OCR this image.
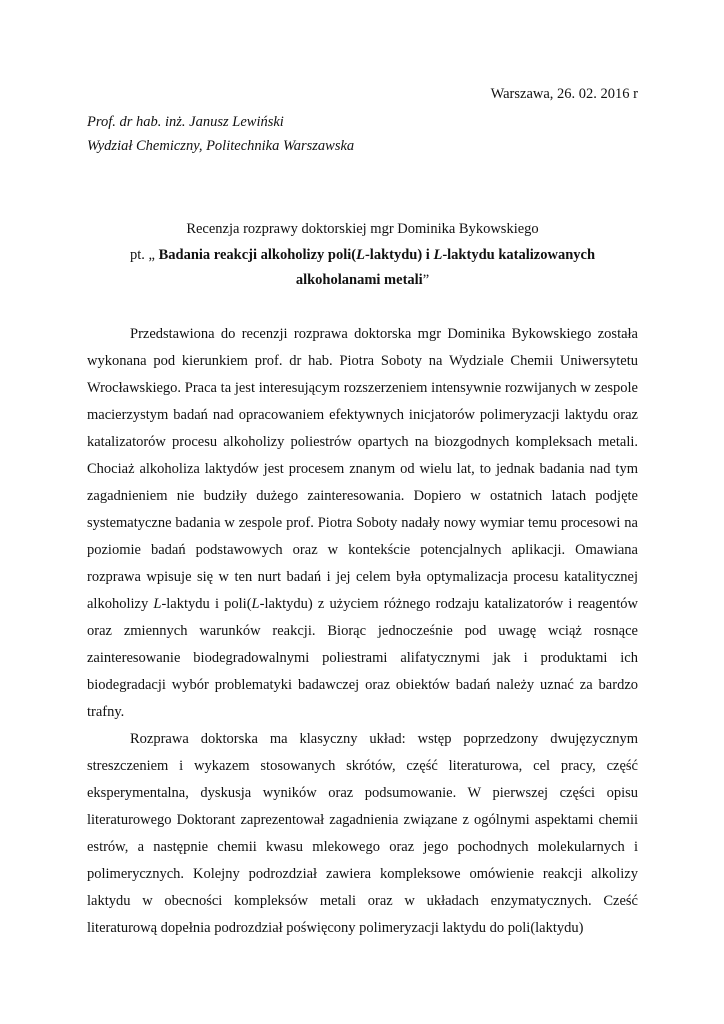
Warszawa, 26. 02. 2016 r
Prof. dr hab. inż. Janusz Lewiński
Wydział Chemiczny, Politechnika Warszawska
Recenzja rozprawy doktorskiej mgr Dominika Bykowskiego
pt. „ Badania reakcji alkoholizy poli(L-laktydu) i L-laktydu katalizowanych alkoholanami metali”

Przedstawiona do recenzji rozprawa doktorska mgr Dominika Bykowskiego została wykonana pod kierunkiem prof. dr hab. Piotra Soboty na Wydziale Chemii Uniwersytetu Wrocławskiego. Praca ta jest interesującym rozszerzeniem intensywnie rozwijanych w zespole macierzystym badań nad opracowaniem efektywnych inicjatorów polimeryzacji laktydu oraz katalizatorów procesu alkoholizy poliestrów opartych na biozgodnych kompleksach metali. Chociaż alkoholiza laktydów jest procesem znanym od wielu lat, to jednak badania nad tym zagadnieniem nie budziły dużego zainteresowania. Dopiero w ostatnich latach podjęte systematyczne badania w zespole prof. Piotra Soboty nadały nowy wymiar temu procesowi na poziomie badań podstawowych oraz w kontekście potencjalnych aplikacji. Omawiana rozprawa wpisuje się w ten nurt badań i jej celem była optymalizacja procesu katalitycznej alkoholizy L-laktydu i poli(L-laktydu) z użyciem różnego rodzaju katalizatorów i reagentów oraz zmiennych warunków reakcji. Biorąc jednocześnie pod uwagę wciąż rosnące zainteresowanie biodegradowalnymi poliestrami alifatycznymi jak i produktami ich biodegradacji wybór problematyki badawczej oraz obiektów badań należy uznać za bardzo trafny.

Rozprawa doktorska ma klasyczny układ: wstęp poprzedzony dwujęzycznym streszczeniem i wykazem stosowanych skrótów, część literaturowa, cel pracy, część eksperymentalna, dyskusja wyników oraz podsumowanie. W pierwszej części opisu literaturowego Doktorant zaprezentował zagadnienia związane z ogólnymi aspektami chemii estrów, a następnie chemii kwasu mlekowego oraz jego pochodnych molekularnych i polimerycznych. Kolejny podrozdział zawiera kompleksowe omówienie reakcji alkolizy laktydu w obecności kompleksów metali oraz w układach enzymatycznych. Cześć literaturową dopełnia podrozdział poświęcony polimeryzacji laktydu do poli(laktydu)
